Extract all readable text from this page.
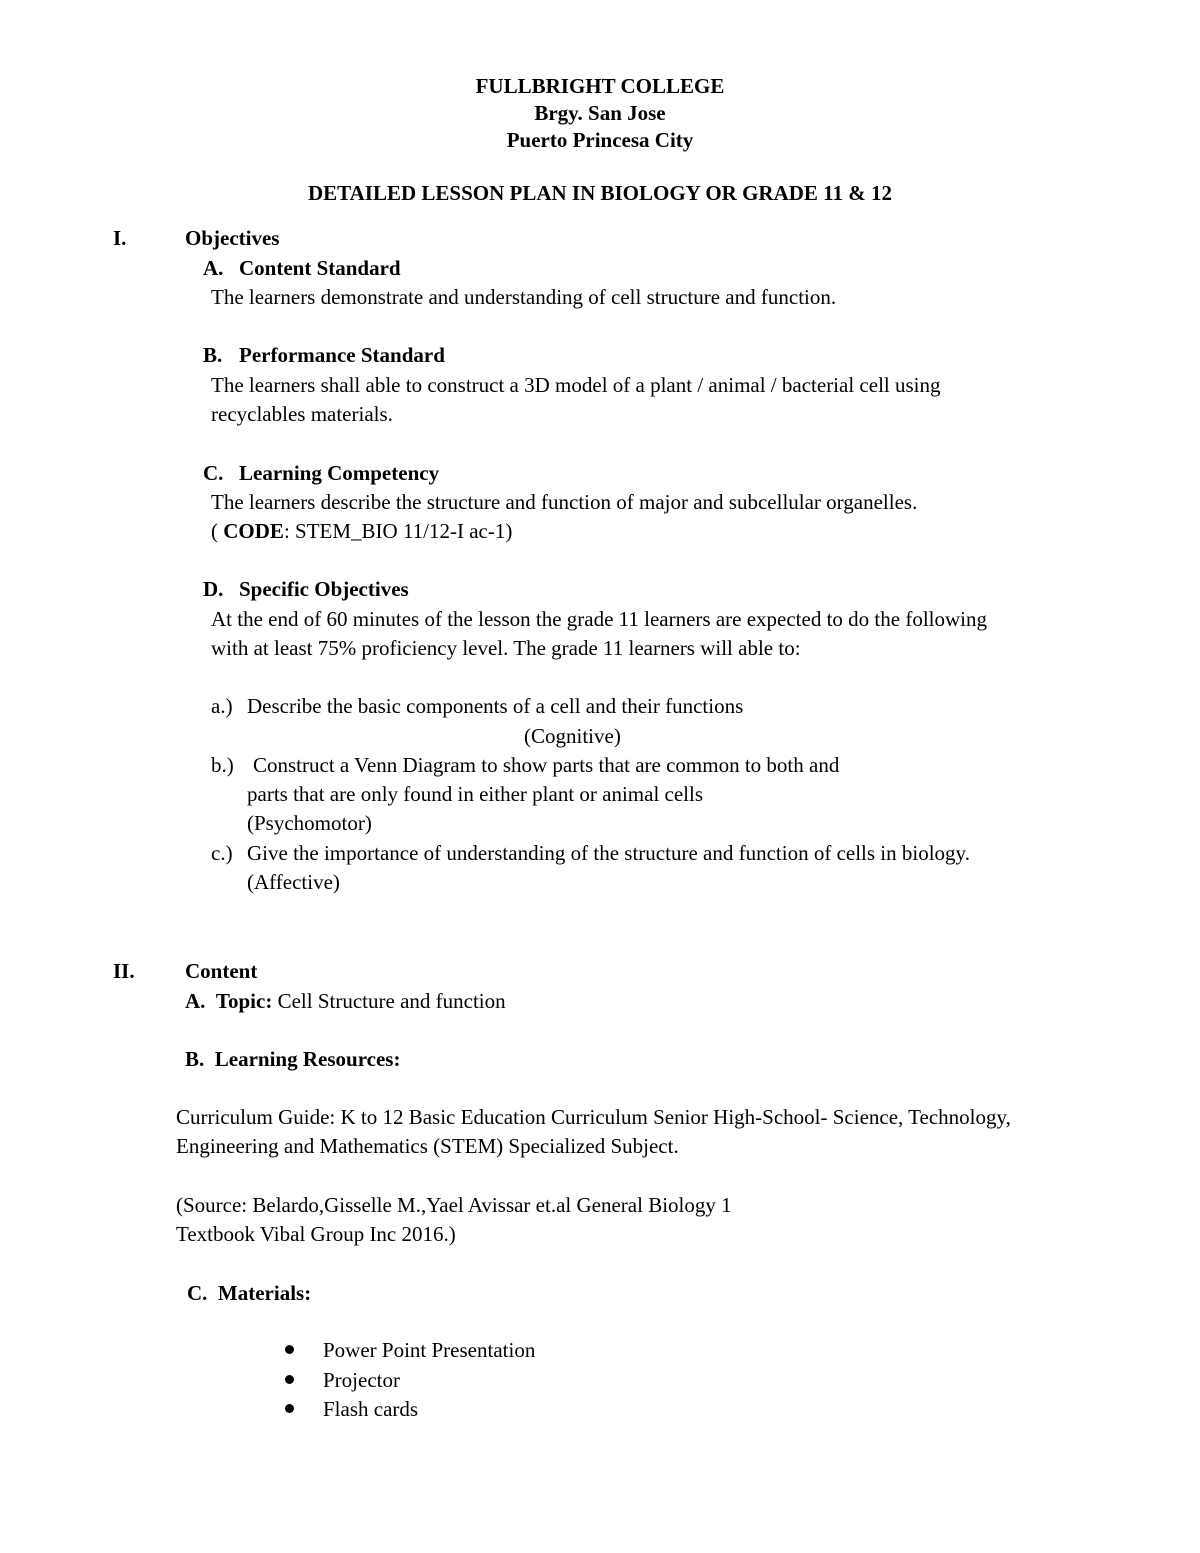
FULLBRIGHT COLLEGE
Brgy. San Jose
Puerto Princesa City
DETAILED LESSON PLAN IN BIOLOGY OR GRADE 11 & 12
I.	Objectives
A. Content Standard
The learners demonstrate and understanding of cell structure and function.
B. Performance Standard
The learners shall able to construct a 3D model of a plant / animal / bacterial cell using
recyclables materials.
C. Learning Competency
The learners describe the structure and function of major and subcellular organelles.
( CODE: STEM_BIO 11/12-I ac-1)
D. Specific Objectives
At the end of 60 minutes of the lesson the grade 11 learners are expected to do the following
with at least 75% proficiency level. The grade 11 learners will able to:
a.) Describe the basic components of a cell and their functions
(Cognitive)
b.) Construct a Venn Diagram to show parts that are common to both and
parts that are only found in either plant or animal cells
(Psychomotor)
c.) Give the importance of understanding of the structure and function of cells in biology.
(Affective)
II. Content
A. Topic: Cell Structure and function
B. Learning Resources:
Curriculum Guide: K to 12 Basic Education Curriculum Senior High-School- Science, Technology,
Engineering and Mathematics (STEM) Specialized Subject.
(Source: Belardo,Gisselle M.,Yael Avissar et.al General Biology 1
Textbook Vibal Group Inc 2016.)
C. Materials:
Power Point Presentation
Projector
Flash cards
